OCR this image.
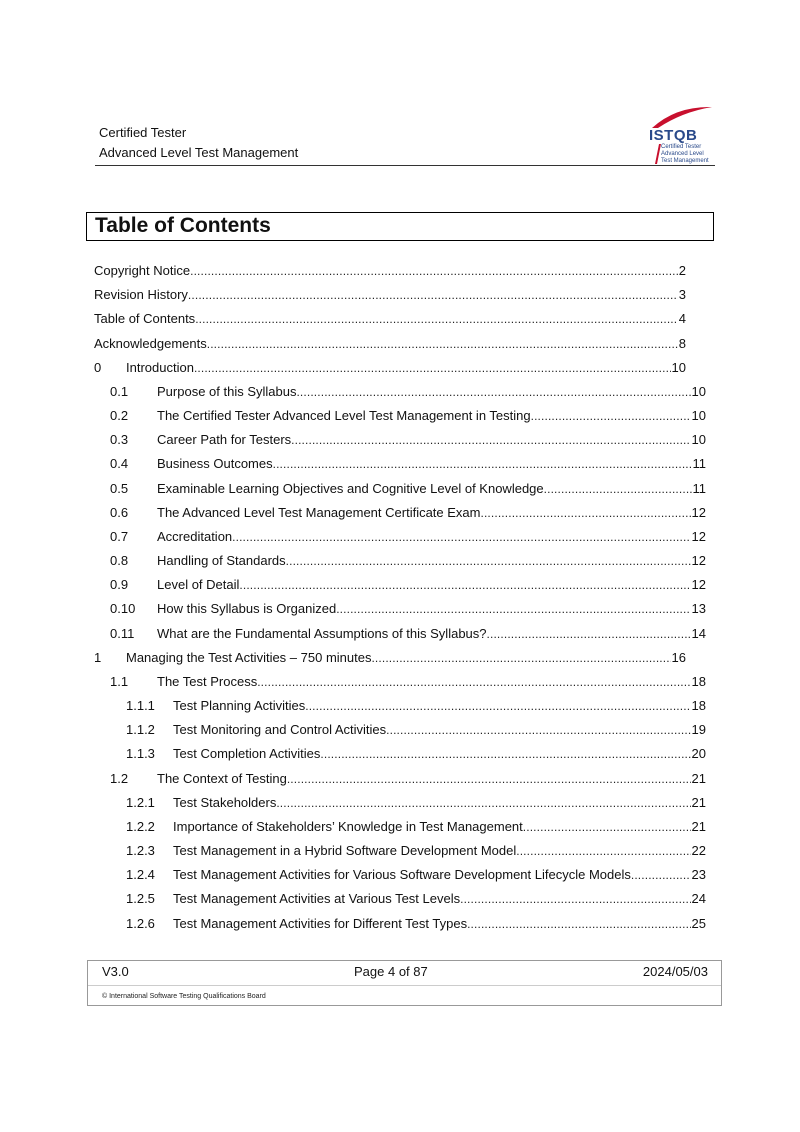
Certified Tester
Advanced Level Test Management
ISTQB
Certified Tester
Advanced Level
Test Management
Table of Contents
Copyright Notice . . .	2
Revision History . . .	3
Table of Contents . . .	4
Acknowledgements . . .	8
0 Introduction . . .	10
0.1 Purpose of this Syllabus . . .	10
0.2 The Certified Tester Advanced Level Test Management in Testing . . .	10
0.3 Career Path for Testers . . .	10
0.4 Business Outcomes . . .	11
0.5 Examinable Learning Objectives and Cognitive Level of Knowledge . . .	11
0.6 The Advanced Level Test Management Certificate Exam . . .	12
0.7 Accreditation . . .	12
0.8 Handling of Standards . . .	12
0.9 Level of Detail . . .	12
0.10 How this Syllabus is Organized . . .	13
0.11 What are the Fundamental Assumptions of this Syllabus? . . .	14
1 Managing the Test Activities – 750 minutes . . .	16
1.1 The Test Process . . .	18
1.1.1 Test Planning Activities . . .	18
1.1.2 Test Monitoring and Control Activities . . .	19
1.1.3 Test Completion Activities . . .	20
1.2 The Context of Testing . . .	21
1.2.1 Test Stakeholders . . .	21
1.2.2 Importance of Stakeholders’ Knowledge in Test Management . . .	21
1.2.3 Test Management in a Hybrid Software Development Model . . .	22
1.2.4 Test Management Activities for Various Software Development Lifecycle Models . . .	23
1.2.5 Test Management Activities at Various Test Levels . . .	24
1.2.6 Test Management Activities for Different Test Types . . .	25
V3.0	Page 4 of 87	2024/05/03
© International Software Testing Qualifications Board
